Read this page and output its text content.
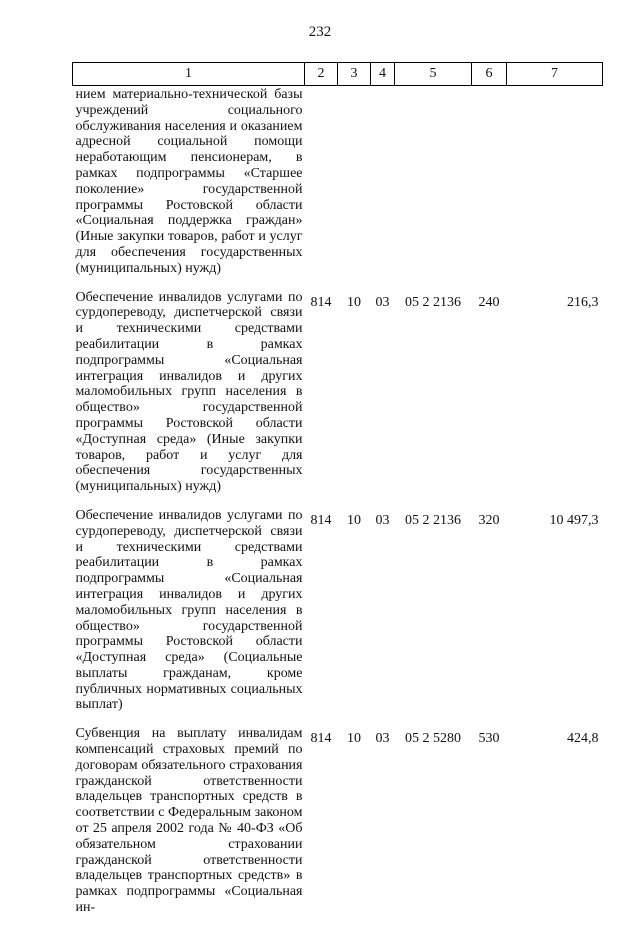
232
1	2	3	4	5	6	7
нием материально-технической базы учреждений социального обслуживания населения и оказанием адресной социальной помощи неработающим пенсионерам, в рамках подпрограммы «Старшее поколение» государственной программы Ростовской области «Социальная поддержка граждан» (Иные закупки товаров, работ и услуг для обеспечения государственных (муниципальных) нужд)						
Обеспечение инвалидов услугами по сурдопереводу, диспетчерской связи и техническими средствами реабилитации в рамках подпрограммы «Социальная интеграция инвалидов и других маломобильных групп населения в общество» государственной программы Ростовской области «Доступная среда» (Иные закупки товаров, работ и услуг для обеспечения государственных (муниципальных) нужд)	814	10	03	05 2 2136	240	216,3
Обеспечение инвалидов услугами по сурдопереводу, диспетчерской связи и техническими средствами реабилитации в рамках подпрограммы «Социальная интеграция инвалидов и других маломобильных групп населения в общество» государственной программы Ростовской области «Доступная среда» (Социальные выплаты гражданам, кроме публичных нормативных социальных выплат)	814	10	03	05 2 2136	320	10 497,3
Субвенция на выплату инвалидам компенсаций страховых премий по договорам обязательного страхования гражданской ответственности владельцев транспортных средств в соответствии с Федеральным законом от 25 апреля 2002 года № 40-ФЗ «Об обязательном страховании гражданской ответственности владельцев транспортных средств» в рамках подпрограммы «Социальная ин-	814	10	03	05 2 5280	530	424,8
